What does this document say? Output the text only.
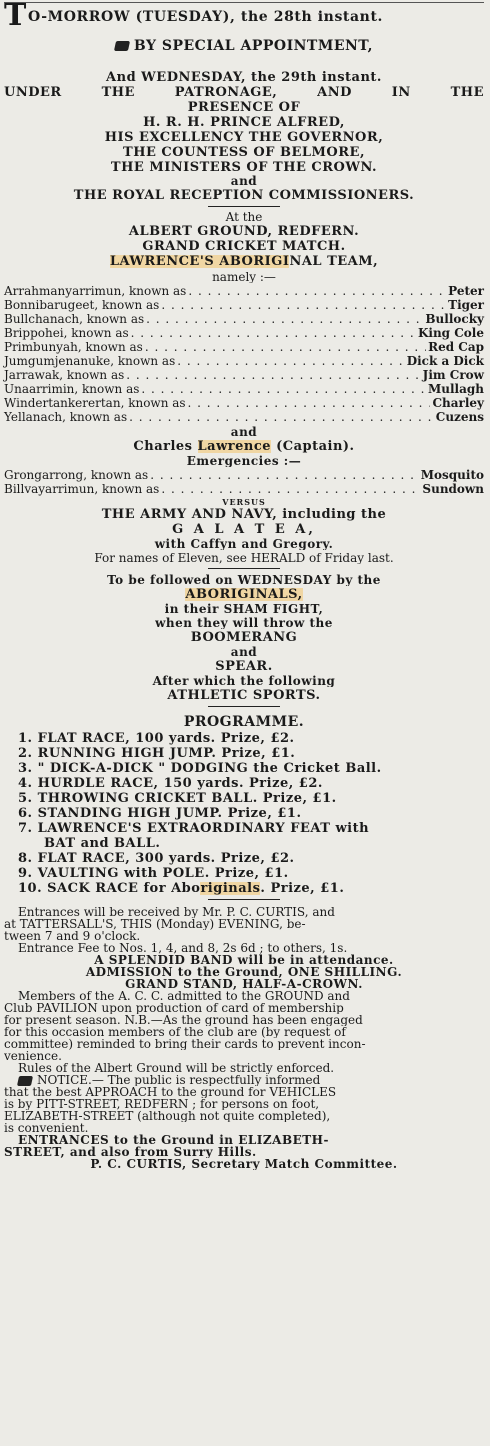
T O-MORROW (TUESDAY), the 28th instant.
BY SPECIAL APPOINTMENT,
And WEDNESDAY, the 29th instant.
UNDER THE PATRONAGE, AND IN THE
PRESENCE OF
H. R. H. PRINCE ALFRED,
HIS EXCELLENCY THE GOVERNOR,
THE COUNTESS OF BELMORE,
THE MINISTERS OF THE CROWN.
and
THE ROYAL RECEPTION COMMISSIONERS.
At the
ALBERT GROUND, REDFERN.
GRAND CRICKET MATCH.
LAWRENCE'S ABORIGINAL TEAM,
namely :—
Arrahmanyarrimun, known as . . .	Peter
Bonnibarugeet, known as . . .	Tiger
Bullchanach, known as . . .	Bullocky
Brippohei, known as . . .	King Cole
Primbunyah, known as . . .	Red Cap
Jumgumjenanuke, known as . . .	Dick a Dick
Jarrawak, known as . . .	Jim Crow
Unaarrimin, known as . . .	Mullagh
Windertankerertan, known as . . .	Charley
Yellanach, known as . . .	Cuzens
and
Charles Lawrence (Captain).
Emergencies :—
Grongarrong, known as . . .	Mosquito
Billvayarrimun, known as . . .	Sundown
VERSUS
THE ARMY AND NAVY, including the
G A L A T E A,
with Caffyn and Gregory.
For names of Eleven, see HERALD of Friday last.
To be followed on WEDNESDAY by the
ABORIGINALS,
in their SHAM FIGHT,
when they will throw the
BOOMERANG
and
SPEAR.
After which the following
ATHLETIC SPORTS.
PROGRAMME.
1. FLAT RACE, 100 yards. Prize, £2.
2. RUNNING HIGH JUMP. Prize, £1.
3. " DICK-A-DICK " DODGING the Cricket Ball.
4. HURDLE RACE, 150 yards. Prize, £2.
5. THROWING CRICKET BALL. Prize, £1.
6. STANDING HIGH JUMP. Prize, £1.
7. LAWRENCE'S EXTRAORDINARY FEAT with
BAT and BALL.
8. FLAT RACE, 300 yards. Prize, £2.
9. VAULTING with POLE. Prize, £1.
10. SACK RACE for Aboriginals. Prize, £1.
Entrances will be received by Mr. P. C. CURTIS, and
at TATTERSALL'S, THIS (Monday) EVENING, be-
tween 7 and 9 o'clock.
Entrance Fee to Nos. 1, 4, and 8, 2s 6d ; to others, 1s.
A SPLENDID BAND will be in attendance.
ADMISSION to the Ground, ONE SHILLING.
GRAND STAND, HALF-A-CROWN.
Members of the A. C. C. admitted to the GROUND and
Club PAVILION upon production of card of membership
for present season. N.B.—As the ground has been engaged
for this occasion members of the club are (by request of
committee) reminded to bring their cards to prevent incon-
venience.
Rules of the Albert Ground will be strictly enforced.
NOTICE.— The public is respectfully informed
that the best APPROACH to the ground for VEHICLES
is by PITT-STREET, REDFERN ; for persons on foot,
ELIZABETH-STREET (although not quite completed),
is convenient.
ENTRANCES to the Ground in ELIZABETH-
STREET, and also from Surry Hills.
P. C. CURTIS, Secretary Match Committee.
